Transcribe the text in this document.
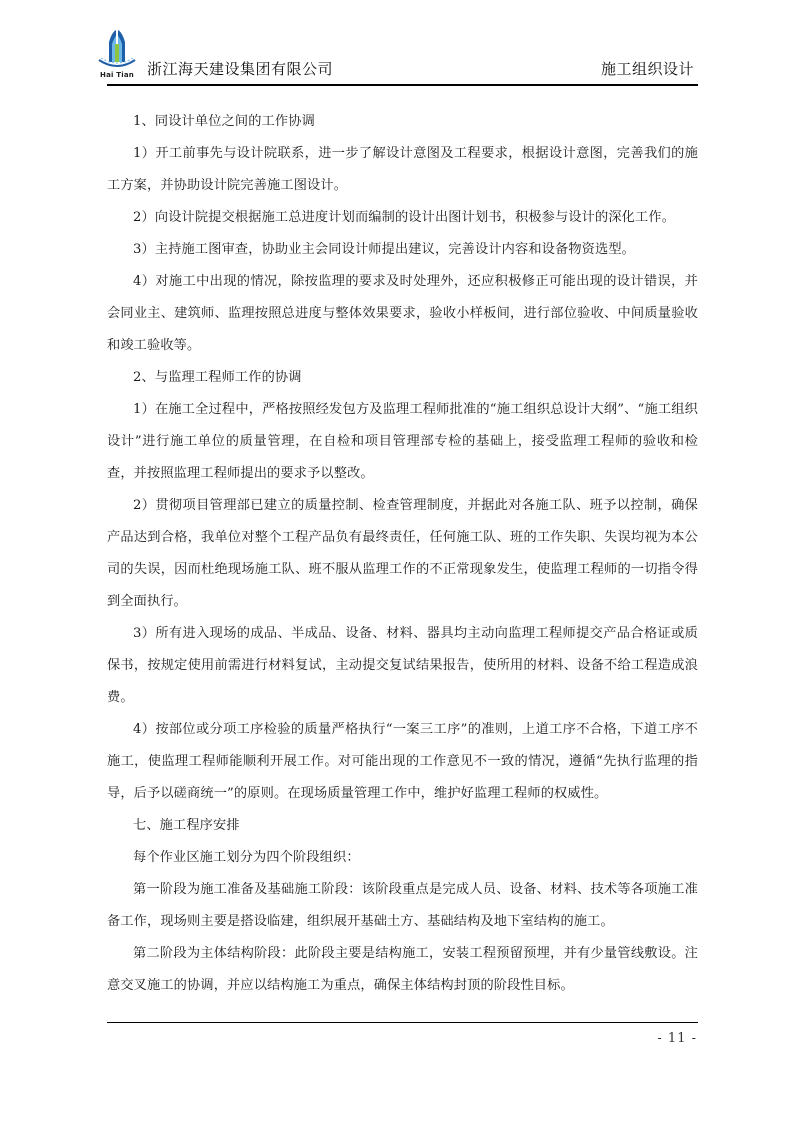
Hai Tian 浙江海天建设集团有限公司	施工组织设计

1、同设计单位之间的工作协调

1）开工前事先与设计院联系，进一步了解设计意图及工程要求，根据设计意图，完善我们的施工方案，并协助设计院完善施工图设计。

2）向设计院提交根据施工总进度计划而编制的设计出图计划书，积极参与设计的深化工作。

3）主持施工图审查，协助业主会同设计师提出建议，完善设计内容和设备物资选型。

4）对施工中出现的情况，除按监理的要求及时处理外，还应积极修正可能出现的设计错误，并会同业主、建筑师、监理按照总进度与整体效果要求，验收小样板间，进行部位验收、中间质量验收和竣工验收等。

2、与监理工程师工作的协调

1）在施工全过程中，严格按照经发包方及监理工程师批准的“施工组织总设计大纲”、“施工组织设计”进行施工单位的质量管理，在自检和项目管理部专检的基础上，接受监理工程师的验收和检查，并按照监理工程师提出的要求予以整改。

2）贯彻项目管理部已建立的质量控制、检查管理制度，并据此对各施工队、班予以控制，确保产品达到合格，我单位对整个工程产品负有最终责任，任何施工队、班的工作失职、失误均视为本公司的失误，因而杜绝现场施工队、班不服从监理工作的不正常现象发生，使监理工程师的一切指令得到全面执行。

3）所有进入现场的成品、半成品、设备、材料、器具均主动向监理工程师提交产品合格证或质保书，按规定使用前需进行材料复试，主动提交复试结果报告，使所用的材料、设备不给工程造成浪费。

4）按部位或分项工序检验的质量严格执行“一案三工序”的准则，上道工序不合格，下道工序不施工，使监理工程师能顺利开展工作。对可能出现的工作意见不一致的情况，遵循“先执行监理的指导，后予以磋商统一”的原则。在现场质量管理工作中，维护好监理工程师的权威性。

七、施工程序安排

每个作业区施工划分为四个阶段组织：

第一阶段为施工准备及基础施工阶段：该阶段重点是完成人员、设备、材料、技术等各项施工准备工作，现场则主要是搭设临建，组织展开基础土方、基础结构及地下室结构的施工。

第二阶段为主体结构阶段：此阶段主要是结构施工，安装工程预留预埋，并有少量管线敷设。注意交叉施工的协调，并应以结构施工为重点，确保主体结构封顶的阶段性目标。

- 11 -
